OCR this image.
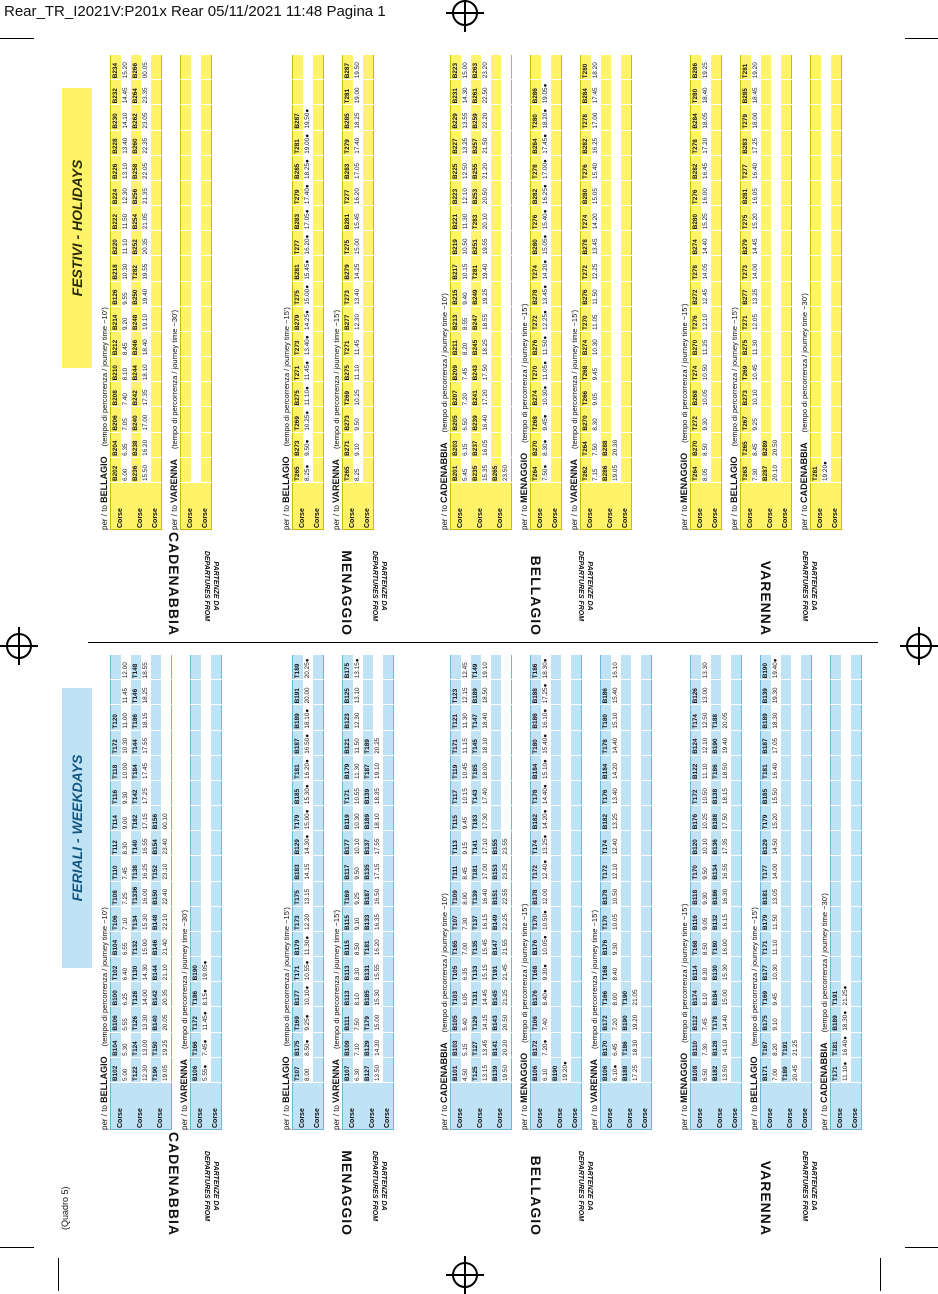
Rear_TR_I2021V:P201x Rear 05/11/2021 11:48 Pagina 1
(Quadro 5)
FERIALI - WEEKDAYS
CADENABBIA	PARTENZE DA DEPARTURES FROM
per / to BELLAGIO(tempo di percorrenza / journey time ~10')
Corse	B102	B104	B106	B100	T102	B104	T106	T108	T110	T112	T114	T116	T118	T172	T120		
	5.00	5.30	5.55	6.25	6.40	6.55	7.10	7.25	7.45	8.30	9.00	9.30	10.00	10.30	11.00	11.45	12.00
Corse	T122	T124	T126	T128	T130	T132	T134	T1336	T138	T140	T182	T142	T184	T144	T186	T146	T148
	12.30	13.00	13.30	14.00	14.30	15.00	15.30	16.00	16.25	16.55	17.15	17.25	17.45	17.55	18.15	18.25	18.55
Corse	T190	T150	B140	B142	B144	B146	B148	B150	T152	B154	B156						
	19.05	19.25	20.05	20.35	21.10	21.40	22.10	22.40	23.10	23.40	00.10						
per / to VARENNA(tempo di percorrenza / journey time ~30')
Corse	B106	T166	T172	T186	B190												
	5.55●	7.45●	11.45●	8.15●	19.05●												
Corse																	
MENAGGIO	PARTENZE DA DEPARTURES FROM
per / to BELLAGIO(tempo di percorrenza / journey time ~15')
Corse	T107	B175	T169	B177	T171	B179	T173	T175	B183	B129	T179	B185	T181	B187	B189	B191	T189
	8.00	8.50●	9.25●	10.10●	10.55●	11.30●	12.20	13.15	14.15	14.30●	15.00●	15.30●	16.20●	16.50●	18.10●	20.00	20.25●
Corse																	per / to VARENNA(tempo di percorrenza / journey time ~15')
Corse	B107	B109	B111	B113	B113	B115	B115	T169	B117	B177	B119	T171	B179	B121	B123	B125	B175
	6.30	7.10	7.50	8.10	8.30	8.50	9.10	9.25	9.50	10.10	10.30	10.55	11.30	11.50	12.30	13.10	13.15●
Corse	B127	B129	T179	B185	B131	T181	B133	B187	B135	B137	B189	B139	T187	T189			
	13.50	14.30	15.00	15.30	15.55	16.20	16.35	16.50	17.15	17.55	18.10	18.35	19.10	20.25			
Corse																	
BELLAGIO	PARTENZE DA DEPARTURES FROM
per / to CADENABBIA(tempo di percorrenza / journey time ~10')
Corse	B101	B103	B105	T103	T105	T165	T107	T109	T111	T113	T115	T117	T119	T171	T121	T123	
	4.50	5.15	5.40	6.05	6.35	7.00	7.30	8.00	8.45	9.15	9.45	10.15	10.45	11.15	11.30	12.15	12.45
Corse	T125	T127	T129	T131	T133	T135	T137	T139	T181	T141	T183	T143	T185	T145	T147	B189	T149
	13.15	13.45	14.15	14.45	15.15	15.45	16.15	16.40	17.00	17.10	17.30	17.40	18.00	18.10	18.40	18.50	19.10
Corse	B139	B141	B143	B145	T191	B147	B149	B151	B153	B155							
	19.50	20.20	20.50	21.25	21.45	21.55	22.25	22.55	23.25	23.55							
per / to MENAGGIO(tempo di percorrenza / journey time ~15')
Corse	B106	B172	T106	B176	T168	B176	T170	B178	T172	T174	B182	T178	B184	T180	B186	B188	T186
	6.10	7.20●	7.40	8.40●	9.30●	10.05●	10.50●	12.00	12.40●	13.25●	14.20●	14.40●	15.10●	15.40●	16.10●	17.25●	18.30●
Corse	B190																
	19.20●																
Corse																	per / to VARENNA(tempo di percorrenza / journey time ~15')
Corse	B106	B170	B172	T166	T168	B176	T170	B178	T172	T174	B182	T176	B184	T178	T180	B186	
	6.10●	6.45	7.20	8.00	8.40	9.30	10.05	10.50	12.10	12.40	13.25	13.40	14.20	14.40	15.10	15.40	16.10
Corse	B188	T186	B190	T190													
	17.25	18.30	19.20	21.05													
Corse																	
VARENNA	PARTENZE DA DEPARTURES FROM
per / to MENAGGIO(tempo di percorrenza / journey time ~15')
Corse	B108	B110	B112	B174	B114	T168	B116	B118	T170	B120	B176	T172	B122	B124	T174	B126	
	6.50	7.30	7.45	8.10	8.30	8.50	9.05	9.30	9.50	10.10	10.25	10.50	11.10	12.10	12.50	13.00	13.30
Corse	B182	B128	T178	B184	B130	T180	B132	B186	B134	B136	B188	B138	T186	B190	T188		
	13.50	14.10	14.40	15.00	15.30	16.00	16.15	16.30	16.55	17.35	17.50	18.15	18.50	19.40	20.05		
Corse																	per / to BELLAGIO(tempo di percorrenza / journey time ~15')
Corse	B171	T167	B175	T169	B177	T171	B179	B181	T177	B129	T179	B185	T181	B187	B189	B139	B190
	7.00	8.20	9.10	9.45	10.30	11.10	11.50	13.05	14.00	14.50	15.20	15.50	16.40	17.05	18.30	19.30	19.40●
Corse	T189	T191															
	20.45	21.25															
Corse																	per / to CADENABBIA(tempo di percorrenza / journey time ~30')
Corse	T171	T181	B189	T191													
	11.10●	16.40●	18.30●	21.25●													
Corse																	
FESTIVI - HOLIDAYS
CADENABBIA	PARTENZE DA DEPARTURES FROM
per / to BELLAGIO(tempo di percorrenza / journey time ~10')
Corse	B202	B204	B206	B208	B210	B212	B214	B126	B218	B220	B222	B224	B226	B228	B230	B232	B234
	6.00	6.35	7.05	7.40	8.10	8.45	9.20	9.55	10.30	11.10	11.50	12.30	13.10	13.40	14.10	14.45	15.20
Corse	B236	B238	B240	B242	B244	B246	B248	B250	T282	B252	B254	B256	B258	B260	B262	B264	B266
	15.50	16.20	17.00	17.35	18.10	18.40	19.10	19.40	19.55	20.35	21.05	21.35	22.05	22.35	23.05	23.35	00.05
Corse																	per / to VARENNA(tempo di percorrenza / journey time ~30')
Corse																	

Corse																	
MENAGGIO	PARTENZE DA DEPARTURES FROM
per / to BELLAGIO(tempo di percorrenza / journey time ~15')
Corse	T265	B273	T269	B275	T271	T273	B279	T275	B281	T277	B283	T279	B285	T281	B287		
	8.25●	9.50●	10.25●	11.10●	11.45●	13.40●	14.25●	15.00●	15.45●	16.20●	17.05●	17.40●	18.25●	19.00●	19.50●		
Corse																	per / to VARENNA(tempo di percorrenza / journey time ~15')
Corse	T265	B271	B273	T269	B275	T271	B277	T273	B279	T275	B281	T277	B283	T279	B285	T281	B287
	8.25	9.10	9.50	10.25	11.10	11.45	12.30	13.40	14.25	15.00	15.45	16.20	17.05	17.40	18.25	19.00	19.50
Corse																	
BELLAGIO	PARTENZE DA DEPARTURES FROM
per / to CADENABBIA(tempo di percorrenza / journey time ~10')
Corse	B201	B203	B205	B207	B209	B211	B213	B215	B217	B219	B221	B223	B225	B227	B229	B231	B223
	5.45	6.15	6.50	7.20	7.45	8.20	8.55	9.40	10.15	10.50	11.30	12.10	12.50	13.25	13.55	14.30	15.00
Corse	B235	B237	B239	B241	B243	B245	B247	B249	T281	B251	T283	B253	B255	B257	B259	B261	B263
	15.35	16.05	16.40	17.20	17.50	18.25	18.55	19.25	19.40	19.55	20.10	20.50	21.20	21.50	22.20	22.50	23.20
Corse	B265																
	23.50																
per / to MENAGGIO(tempo di percorrenza / journey time ~15')
Corse	T264	B270	T268	B274	T270	B276	T272	B278	T274	B280	T276	B282	T278	B284	T280	B286	
	7.50●	8.30●	9.45●	10.30●	11.05●	11.50●	12.25●	13.45●	14.20●	15.05●	15.40●	16.25●	17.00●	17.45●	18.20●	19.05●	
Corse																	per / to VARENNA(tempo di percorrenza / journey time ~15')
Corse	T262	T264	B270	T266	T268	B274	T270	B276	T272	B278	T274	B280	T276	B282	T278	B284	T280
	7.15	7.50	8.30	9.05	9.45	10.30	11.05	11.50	12.25	13.45	14.20	15.05	15.40	16.25	17.00	17.45	18.20
Corse	B286	B288															
	19.05	20.30															
Corse																	
VARENNA	PARTENZE DA DEPARTURES FROM
per / to MENAGGIO(tempo di percorrenza / journey time ~15')
Corse	T264	B270	T272	B268	T274	B270	T276	B272	T278	B274	B280	T276	B282	T278	B284	T280	B286
	8.05	8.50	9.30	10.05	10.50	11.25	12.10	12.45	14.05	14.40	15.25	16.00	16.45	17.20	18.05	18.40	19.25
Corse																	per / to BELLAGIO(tempo di percorrenza / journey time ~15')
Corse	T263	T265	T267	B273	T269	B275	T271	B277	T273	B279	T275	B281	T277	B283	T279	B285	T281
	7.30	8.45	9.25	10.10	10.45	11.30	12.05	13.25	14.00	14.45	15.20	16.05	16.40	17.25	18.00	18.45	19.20
Corse	B287	B289															
	20.10	20.50															
Corse																	per / to CADENABBIA(tempo di percorrenza / journey time ~30')
Corse	T281																
	19.20●																
Corse																	
